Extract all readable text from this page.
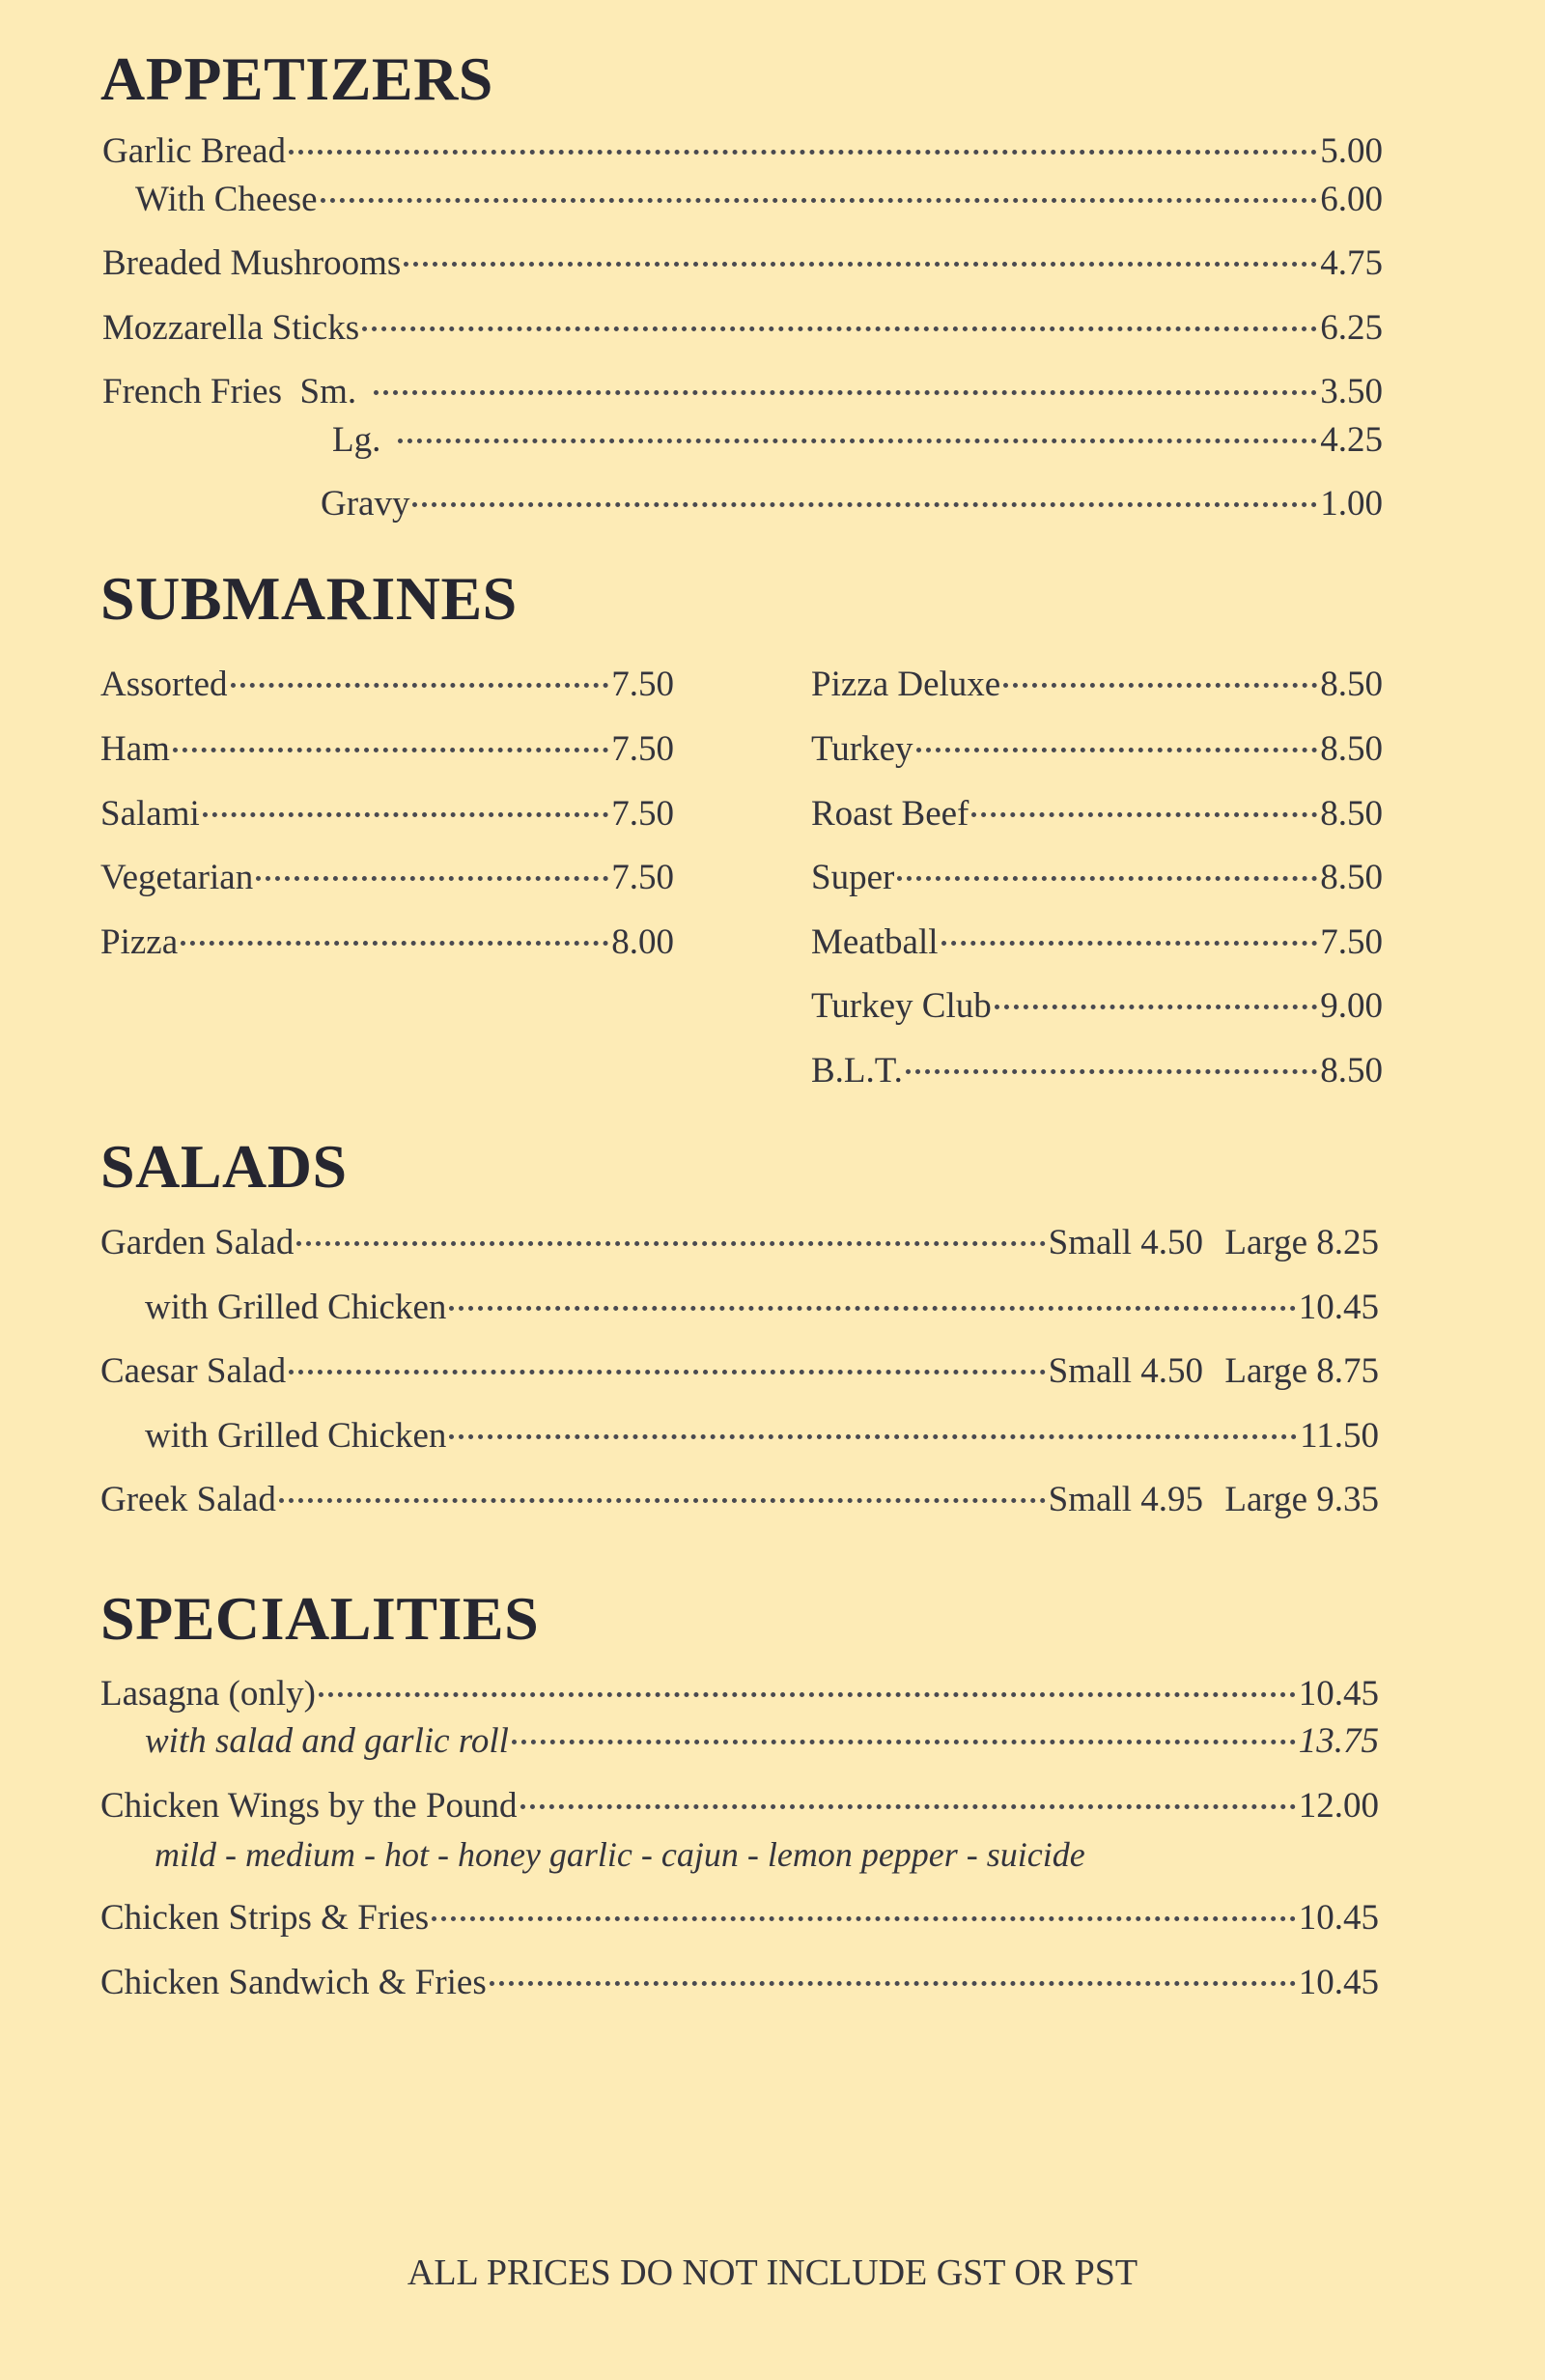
APPETIZERS
Garlic Bread	5.00
With Cheese	6.00
Breaded Mushrooms	4.75
Mozzarella Sticks	6.25
French Fries  Sm.	3.50
Lg.	4.25
Gravy	1.00
SUBMARINES
Assorted	7.50
Ham	7.50
Salami	7.50
Vegetarian	7.50
Pizza	8.00
Pizza Deluxe	8.50
Turkey	8.50
Roast Beef	8.50
Super	8.50
Meatball	7.50
Turkey Club	9.00
B.L.T.	8.50
SALADS
Garden Salad	Small 4.50 Large 8.25
with Grilled Chicken	10.45
Caesar Salad	Small 4.50 Large 8.75
with Grilled Chicken	11.50
Greek Salad	Small 4.95 Large 9.35
SPECIALITIES
Lasagna (only)	10.45
with salad and garlic roll	13.75
Chicken Wings by the Pound	12.00
mild - medium - hot - honey garlic - cajun - lemon pepper - suicide
Chicken Strips & Fries	10.45
Chicken Sandwich & Fries	10.45
ALL PRICES DO NOT INCLUDE GST OR PST
